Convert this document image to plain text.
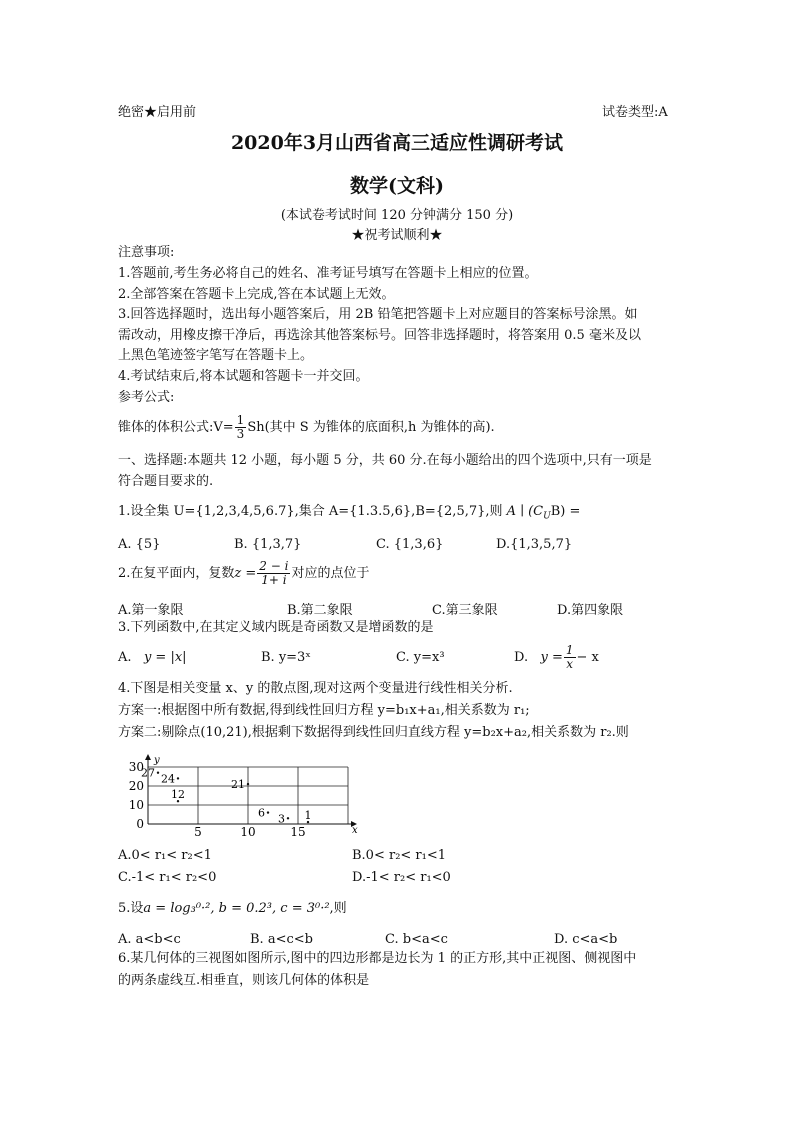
绝密★启用前	试卷类型:A
2020年3月山西省高三适应性调研考试
数学(文科)
(本试卷考试时间 120 分钟满分 150 分)
★祝考试顺利★
注意事项:
1.答题前,考生务必将自己的姓名、准考证号填写在答题卡上相应的位置。
2.全部答案在答题卡上完成,答在本试题上无效。
3.回答选择题时，选出每小题答案后，用 2B 铅笔把答题卡上对应题目的答案标号涂黑。如
需改动，用橡皮擦干净后，再选涂其他答案标号。回答非选择题时，将答案用 0.5 毫米及以
上黑色笔迹签字笔写在答题卡上。
4.考试结束后,将本试题和答题卡一并交回。
参考公式:
锥体的体积公式:V= $\frac{1}{3} Sh$(其中 S 为锥体的底面积,h 为锥体的高).
一、选择题:本题共 12 小题，每小题 5 分，共 60 分.在每小题给出的四个选项中,只有一项是
符合题目要求的.
1.设全集 U={1,2,3,4,5,6.7},集合 A={1.3.5,6},B={2,5,7},则 A ∣ $(C_UB)$ =
A. {5}	B. {1,3,7}	C. {1,3,6}	D.{1,3,5,7}
2.在复平面内，复数$z = \frac{2 - i}{1+ i}$ 对应的点位于
A.第一象限	B.第二象限	C.第三象限	D.第四象限
3.下列函数中,在其定义域内既是奇函数又是增函数的是
A. y = |x|	B. y=3ˣ	C. y=x³	D. $y = \frac{1}{x} - x$
4.下图是相关变量 x、y 的散点图,现对这两个变量进行线性相关分析.
方案一:根据图中所有数据,得到线性回归方程 y=b₁x+a₁,相关系数为 r₁;
方案二:剔除点(10,21),根据剩下数据得到线性回归直线方程 y=b₂x+a₂,相关系数为 r₂.则
x
y
0
10
20
30
5	10	15
27 24
12
21
6 3 1
A.0< r₁< r₂<1	B.0< r₂< r₁<1
C.-1< r₁< r₂<0	D.-1< r₂< r₁<0
5.设a = log₃⁰·², b = 0.2³, c = 3⁰·²,则
A. a<b<c	B. a<c<b	C. b<a<c	D. c<a<b
6.某几何体的三视图如图所示,图中的四边形都是边长为 1 的正方形,其中正视图、侧视图中
的两条虚线互.相垂直，则该几何体的体积是
